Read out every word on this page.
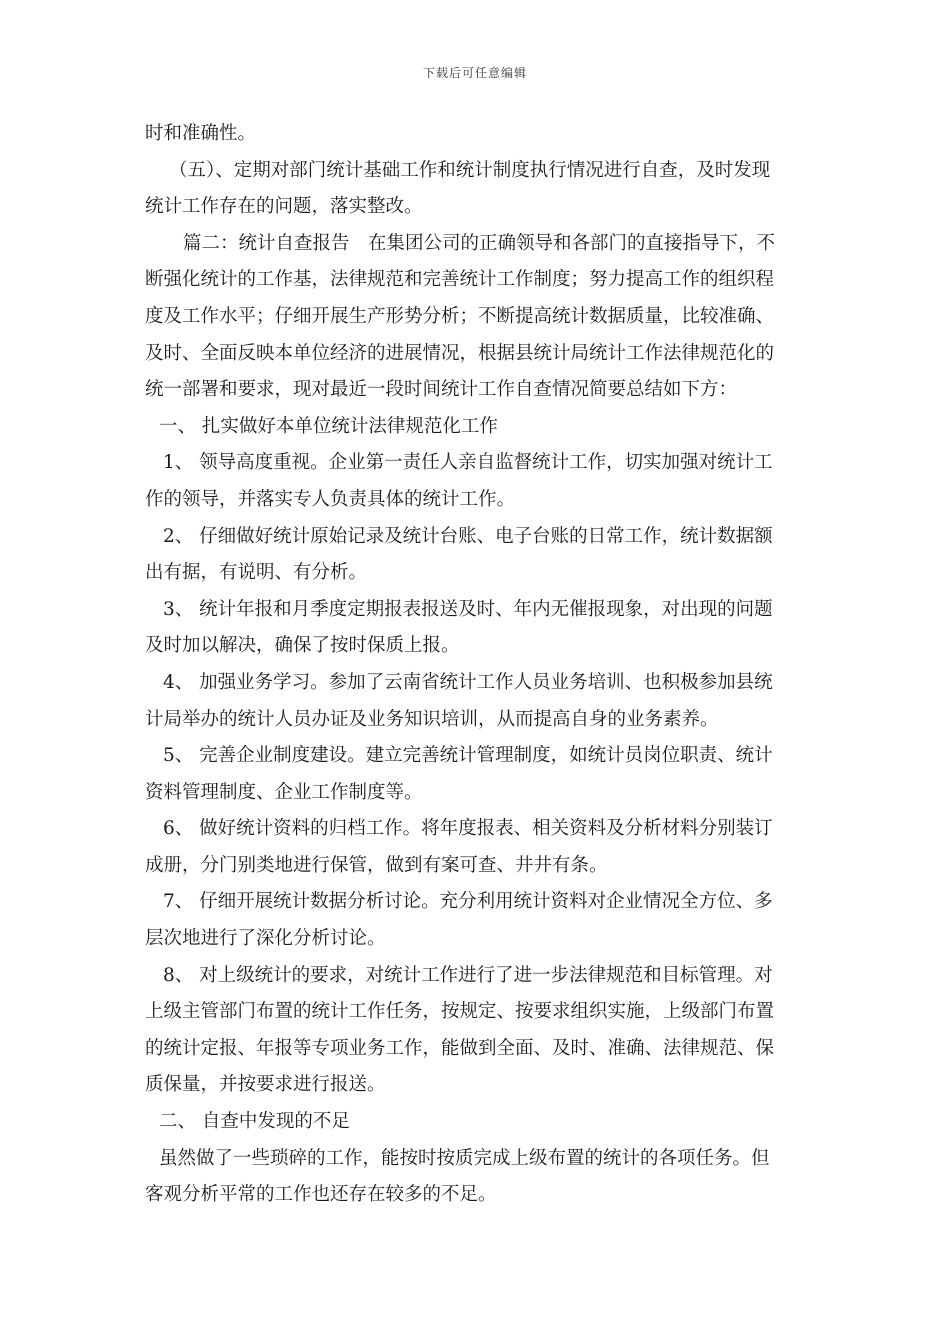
下载后可任意编辑
时和准确性。
（五）、定期对部门统计基础工作和统计制度执行情况进行自查，及时发现
统计工作存在的问题，落实整改。
篇二：统计自查报告　在集团公司的正确领导和各部门的直接指导下，不
断强化统计的工作基，法律规范和完善统计工作制度；努力提高工作的组织程
度及工作水平；仔细开展生产形势分析；不断提高统计数据质量，比较准确、
及时、全面反映本单位经济的进展情况，根据县统计局统计工作法律规范化的
统一部署和要求，现对最近一段时间统计工作自查情况简要总结如下方：
一、 扎实做好本单位统计法律规范化工作
1、 领导高度重视。企业第一责任人亲自监督统计工作，切实加强对统计工
作的领导，并落实专人负责具体的统计工作。
2、 仔细做好统计原始记录及统计台账、电子台账的日常工作，统计数据额
出有据，有说明、有分析。
3、 统计年报和月季度定期报表报送及时、年内无催报现象，对出现的问题
及时加以解决，确保了按时保质上报。
4、 加强业务学习。参加了云南省统计工作人员业务培训、也积极参加县统
计局举办的统计人员办证及业务知识培训，从而提高自身的业务素养。
5、 完善企业制度建设。建立完善统计管理制度，如统计员岗位职责、统计
资料管理制度、企业工作制度等。
6、 做好统计资料的归档工作。将年度报表、相关资料及分析材料分别装订
成册，分门别类地进行保管，做到有案可查、井井有条。
7、 仔细开展统计数据分析讨论。充分利用统计资料对企业情况全方位、多
层次地进行了深化分析讨论。
8、 对上级统计的要求，对统计工作进行了进一步法律规范和目标管理。对
上级主管部门布置的统计工作任务，按规定、按要求组织实施，上级部门布置
的统计定报、年报等专项业务工作，能做到全面、及时、准确、法律规范、保
质保量，并按要求进行报送。
二、 自查中发现的不足
虽然做了一些琐碎的工作，能按时按质完成上级布置的统计的各项任务。但
客观分析平常的工作也还存在较多的不足。
